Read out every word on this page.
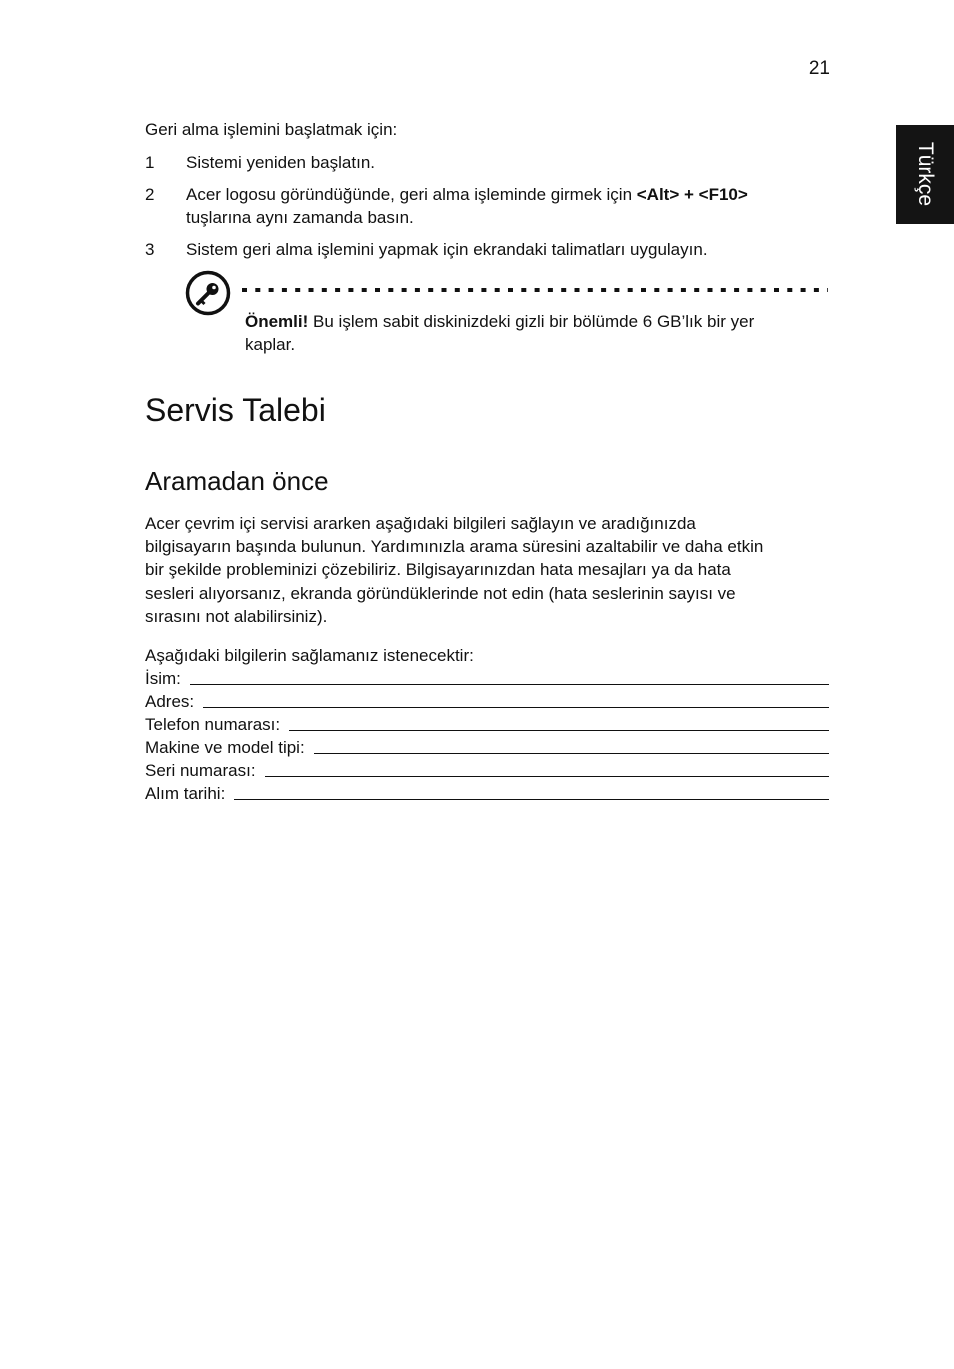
21
Türkçe
Geri alma işlemini başlatmak için:
1 Sistemi yeniden başlatın.
2 Acer logosu göründüğünde, geri alma işleminde girmek için <Alt> + <F10>
tuşlarına aynı zamanda basın.
3 Sistem geri alma işlemini yapmak için ekrandaki talimatları uygulayın.
Önemli! Bu işlem sabit diskinizdeki gizli bir bölümde 6 GB’lık bir yer
kaplar.
Servis Talebi
Aramadan önce

Acer çevrim içi servisi ararken aşağıdaki bilgileri sağlayın ve aradığınızda
bilgisayarın başında bulunun. Yardımınızla arama süresini azaltabilir ve daha etkin
bir şekilde probleminizi çözebiliriz. Bilgisayarınızdan hata mesajları ya da hata
sesleri alıyorsanız, ekranda göründüklerinde not edin (hata seslerinin sayısı ve
sırasını not alabilirsiniz).

Aşağıdaki bilgilerin sağlamanız istenecektir:
İsim:
Adres:
Telefon numarası:
Makine ve model tipi:
Seri numarası:
Alım tarihi:
